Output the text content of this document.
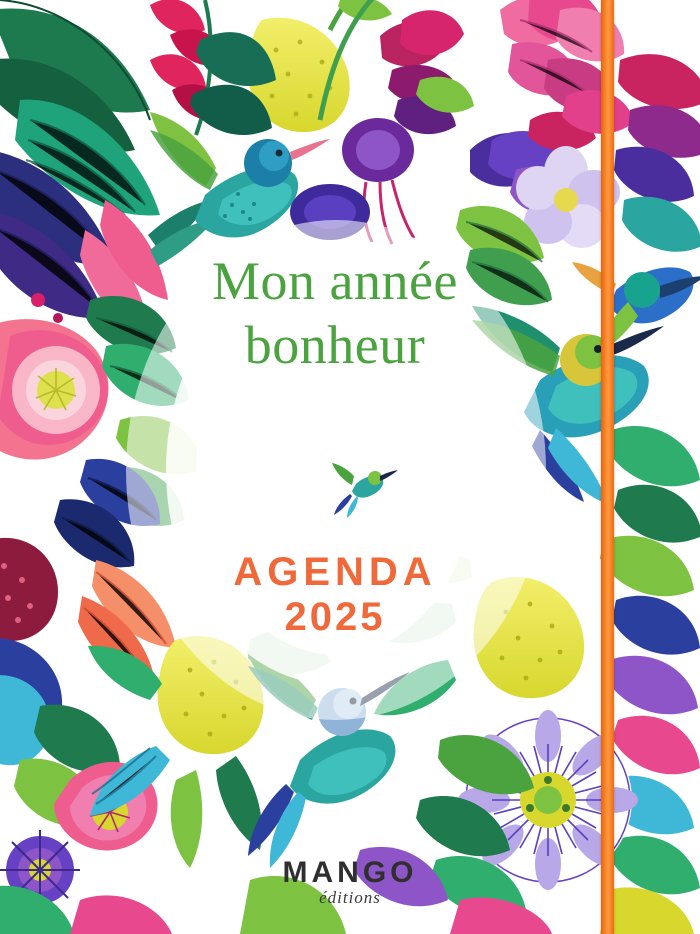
Mon année
bonheur
AGENDA
2025
MANGO
éditions
